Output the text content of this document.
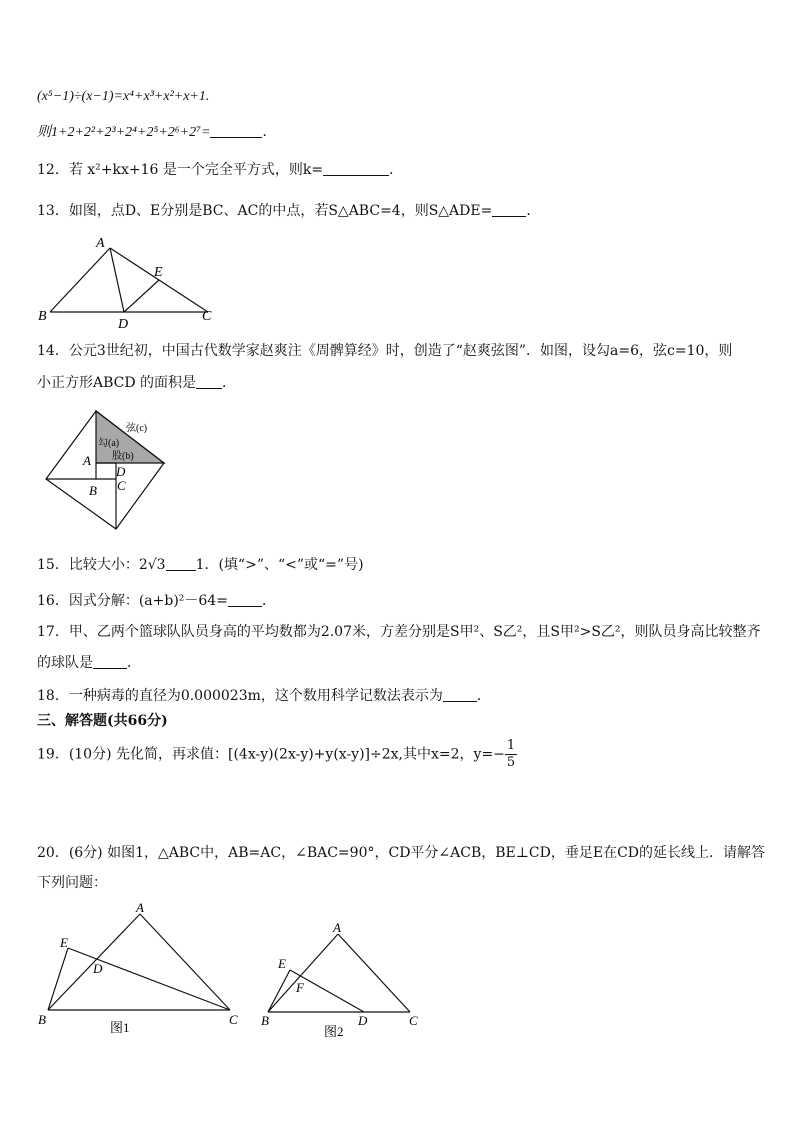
(x⁵−1)÷(x−1)=x⁴+x³+x²+x+1.
则1+2+2²+2³+2⁴+2⁵+2⁶+2⁷=	．
12．若 x²+kx+16 是一个完全平方式，则k=	．
13．如图，点D、E分别是BC、AC的中点，若S△ABC=4，则S△ADE= ．
A
B	C
D
E
14．公元3世纪初，中国古代数学家赵爽注《周髀算经》时，创造了“赵爽弦图”．如图，设勾a=6，弦c=10，则
小正方形ABCD 的面积是 ．
弦(c)
勾(a)
股(b)
A
D
B C
15．比较大小：2√3 1．(填“>”、“<”或“=”号)
16．因式分解：(a+b)²－64= ．
17．甲、乙两个篮球队队员身高的平均数都为2.07米，方差分别是S甲²、S乙²，且S甲²>S乙²，则队员身高比较整齐
的球队是 ．
18．一种病毒的直径为0.000023m，这个数用科学记数法表示为 ．
三、解答题(共66分)
19．(10分) 先化简，再求值：[(4x-y)(2x-y)+y(x-y)]÷2x,其中x=2，$y=- \frac{1}{5}$
20．(6分) 如图1，△ABC中，AB=AC，∠BAC=90°，CD平分∠ACB，BE⊥CD，垂足E在CD的延长线上．请解答
下列问题：
A
B	C
D
E
图1
A
B	C
D
E
F
图2
